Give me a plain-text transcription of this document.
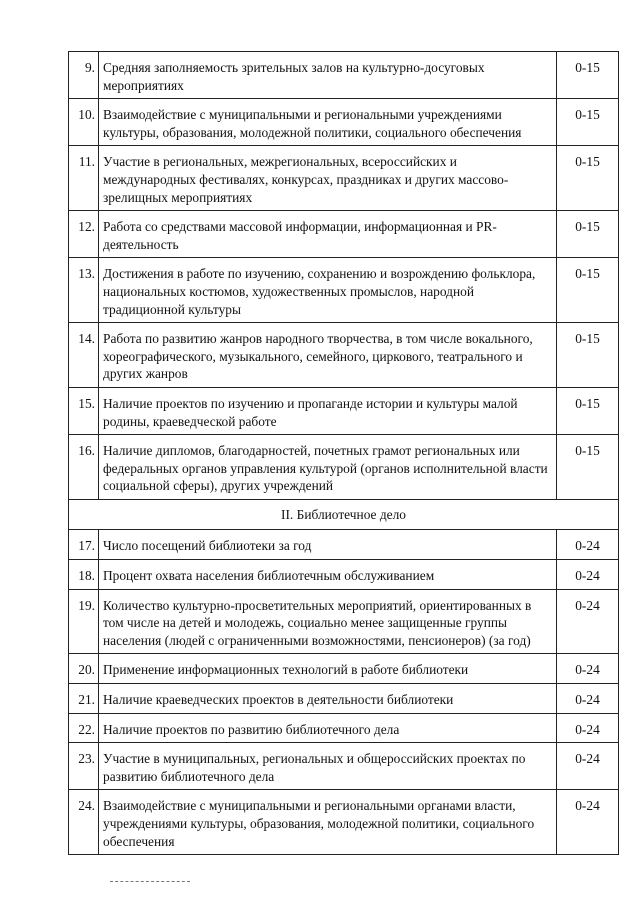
9.	Средняя заполняемость зрительных залов на культурно-досуговых мероприятиях	0-15
10.	Взаимодействие с муниципальными и региональными учреждениями культуры, образования, молодежной политики, социального обеспечения	0-15
11.	Участие в региональных, межрегиональных, всероссийских и международных фестивалях, конкурсах, праздниках и других массово-зрелищных мероприятиях	0-15
12.	Работа со средствами массовой информации, информационная и PR-деятельность	0-15
13.	Достижения в работе по изучению, сохранению и возрождению фольклора, национальных костюмов, художественных промыслов, народной традиционной культуры	0-15
14.	Работа по развитию жанров народного творчества, в том числе вокального, хореографического, музыкального, семейного, циркового, театрального и других жанров	0-15
15.	Наличие проектов по изучению и пропаганде истории и культуры малой родины, краеведческой работе	0-15
16.	Наличие дипломов, благодарностей, почетных грамот региональных или федеральных органов управления культурой (органов исполнительной власти социальной сферы), других учреждений	0-15
II. Библиотечное дело		
17.	Число посещений библиотеки за год	0-24
18.	Процент охвата населения библиотечным обслуживанием	0-24
19.	Количество культурно-просветительных мероприятий, ориентированных в том числе на детей и молодежь, социально менее защищенные группы населения (людей с ограниченными возможностями, пенсионеров) (за год)	0-24
20.	Применение информационных технологий в работе библиотеки	0-24
21.	Наличие краеведческих проектов в деятельности библиотеки	0-24
22.	Наличие проектов по развитию библиотечного дела	0-24
23.	Участие в муниципальных, региональных и общероссийских проектах по развитию библиотечного дела	0-24
24.	Взаимодействие с муниципальными и региональными органами власти, учреждениями культуры, образования, молодежной политики, социального обеспечения	0-24
